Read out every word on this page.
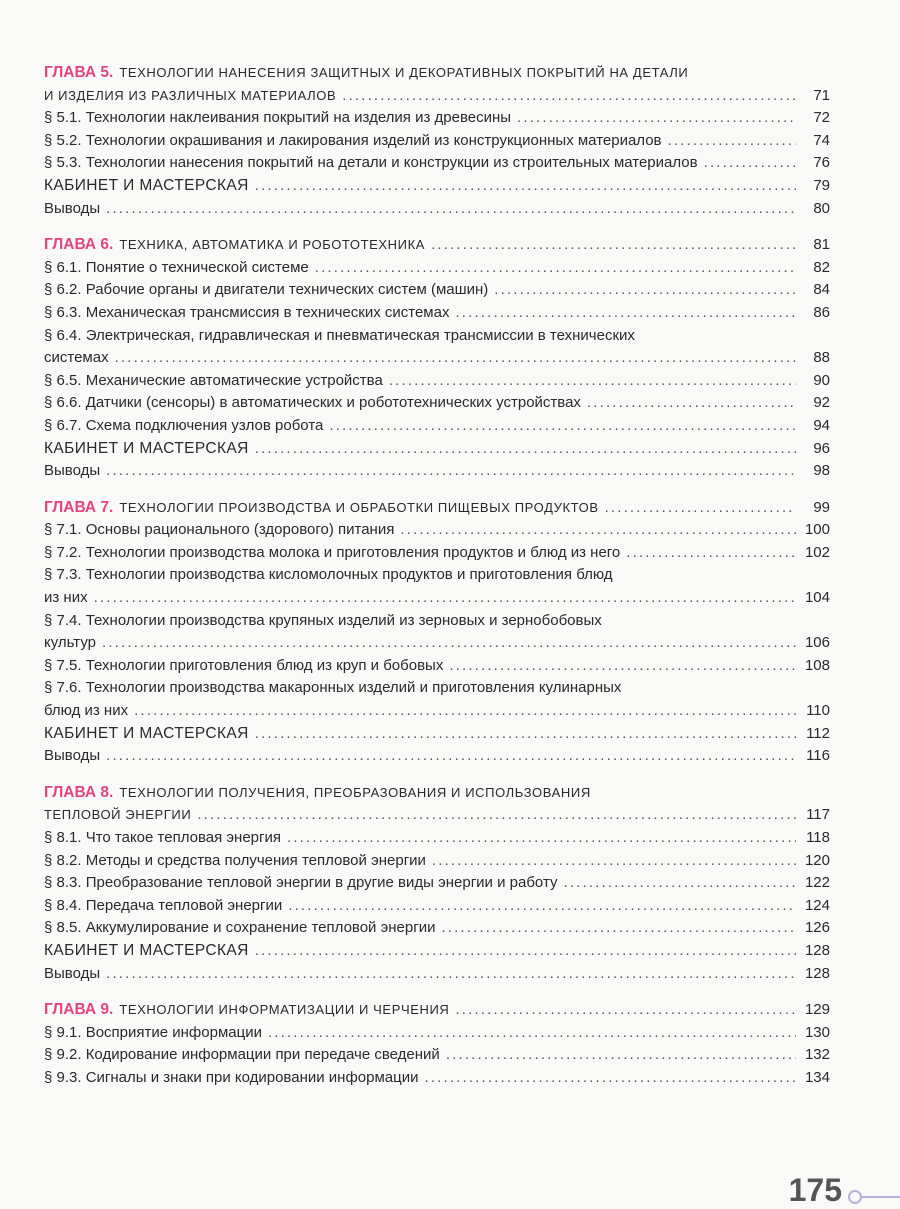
ГЛАВА 5. ТЕХНОЛОГИИ НАНЕСЕНИЯ ЗАЩИТНЫХ И ДЕКОРАТИВНЫХ ПОКРЫТИЙ НА ДЕТАЛИ
И ИЗДЕЛИЯ ИЗ РАЗЛИЧНЫХ МАТЕРИАЛОВ . . .	71
§ 5.1. Технологии наклеивания покрытий на изделия из древесины . . .	72
§ 5.2. Технологии окрашивания и лакирования изделий из конструкционных материалов . . .	74
§ 5.3. Технологии нанесения покрытий на детали и конструкции из строительных материалов . . .	76
КАБИНЕТ И МАСТЕРСКАЯ . . .	79
Выводы . . .	80
ГЛАВА 6. ТЕХНИКА, АВТОМАТИКА И РОБОТОТЕХНИКА . . .	81
§ 6.1. Понятие о технической системе . . .	82
§ 6.2. Рабочие органы и двигатели технических систем (машин) . . .	84
§ 6.3. Механическая трансмиссия в технических системах . . .	86
§ 6.4. Электрическая, гидравлическая и пневматическая трансмиссии в технических
системах . . .	88
§ 6.5. Механические автоматические устройства . . .	90
§ 6.6. Датчики (сенсоры) в автоматических и робототехнических устройствах . . .	92
§ 6.7. Схема подключения узлов робота . . .	94
КАБИНЕТ И МАСТЕРСКАЯ . . .	96
Выводы . . .	98
ГЛАВА 7. ТЕХНОЛОГИИ ПРОИЗВОДСТВА И ОБРАБОТКИ ПИЩЕВЫХ ПРОДУКТОВ . . .	99
§ 7.1. Основы рационального (здорового) питания . . .	100
§ 7.2. Технологии производства молока и приготовления продуктов и блюд из него . . .	102
§ 7.3. Технологии производства кисломолочных продуктов и приготовления блюд
из них . . .	104
§ 7.4. Технологии производства крупяных изделий из зерновых и зернобобовых
культур . . .	106
§ 7.5. Технологии приготовления блюд из круп и бобовых . . .	108
§ 7.6. Технологии производства макаронных изделий и приготовления кулинарных
блюд из них . . .	110
КАБИНЕТ И МАСТЕРСКАЯ . . .	112
Выводы . . .	116
ГЛАВА 8. ТЕХНОЛОГИИ ПОЛУЧЕНИЯ, ПРЕОБРАЗОВАНИЯ И ИСПОЛЬЗОВАНИЯ
ТЕПЛОВОЙ ЭНЕРГИИ . . .	117
§ 8.1. Что такое тепловая энергия . . .	118
§ 8.2. Методы и средства получения тепловой энергии . . .	120
§ 8.3. Преобразование тепловой энергии в другие виды энергии и работу . . .	122
§ 8.4. Передача тепловой энергии . . .	124
§ 8.5. Аккумулирование и сохранение тепловой энергии . . .	126
КАБИНЕТ И МАСТЕРСКАЯ . . .	128
Выводы . . .	128
ГЛАВА 9. ТЕХНОЛОГИИ ИНФОРМАТИЗАЦИИ И ЧЕРЧЕНИЯ . . .	129
§ 9.1. Восприятие информации . . .	130
§ 9.2. Кодирование информации при передаче сведений . . .	132
§ 9.3. Сигналы и знаки при кодировании информации . . .	134
175
